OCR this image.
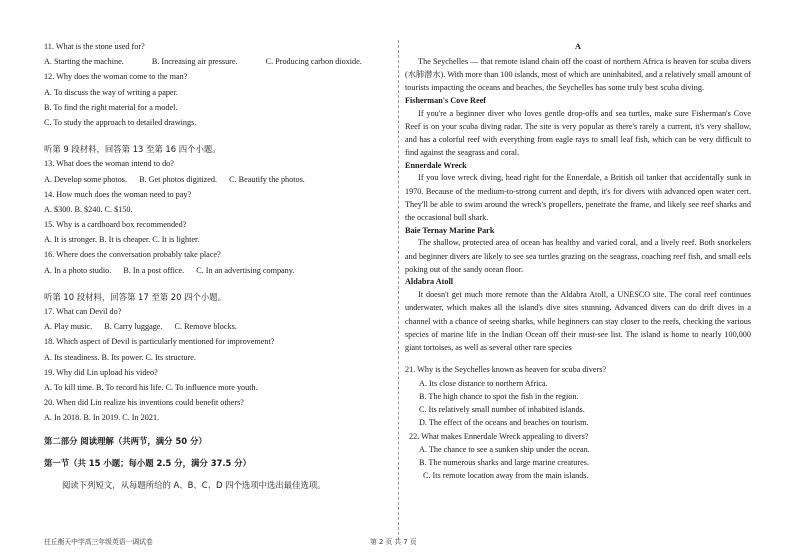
11. What is the stone used for?
A. Starting the machine.	B. Increasing air pressure.	C. Producing carbon dioxide.
12. Why does the woman come to the man?
A. To discuss the way of writing a paper.
B. To find the right material for a model.
C. To study the approach to detailed drawings.
听第 9 段材料，回答第 13 至第 16 四个小题。
13. What does the woman intend to do?
A. Develop some photos. B. Get photos digitized. C. Beautify the photos.
14. How much does the woman need to pay?
A. $300. B. $240. C. $150.
15. Why is a cardboard box recommended?
A. It is stronger. B. It is cheaper. C. It is lighter.
16. Where does the conversation probably take place?
A. In a photo studio. B. In a post office. C. In an advertising company.
听第 10 段材料，回答第 17 至第 20 四个小题。
17. What can Devil do?
A. Play music. B. Carry luggage. C. Remove blocks.
18. Which aspect of Devil is particularly mentioned for improvement?
A. Its steadiness. B. Its power. C. Its structure.
19. Why did Lin upload his video?
A. To kill time. B. To record his life. C. To influence more youth.
20. When did Lin realize his inventions could benefit others?
A. In 2018. B. In 2019. C. In 2021.
第二部分 阅读理解（共两节，满分 50 分）
第一节（共 15 小题；每小题 2.5 分，满分 37.5 分）
阅读下列短文，从每题所给的 A、B、C、D 四个选项中选出最佳选项。
A

The Seychelles — that remote island chain off the coast of northern Africa is heaven for scuba divers (水肺潜水). With more than 100 islands, most of which are uninhabited, and a relatively small amount of tourists impacting the oceans and beaches, the Seychelles has some truly best scuba diving.

Fisherman's Cove Reef

If you're a beginner diver who loves gentle drop-offs and sea turtles, make sure Fisherman's Cove Reef is on your scuba diving radar. The site is very popular as there's rarely a current, it's very shallow, and has a colorful reef with everything from eagle rays to small leaf fish, which can be very difficult to find against the seagrass and coral.

Ennerdale Wreck

If you love wreck diving, head right for the Ennerdale, a British oil tanker that accidentally sunk in 1970. Because of the medium-to-strong current and depth, it's for divers with advanced open water cert. They'll be able to swim around the wreck's propellers, penetrate the frame, and likely see reef sharks and the occasional bull shark.

Baie Ternay Marine Park

The shallow, protected area of ocean has healthy and varied coral, and a lively reef. Both snorkelers and beginner divers are likely to see sea turtles grazing on the seagrass, coaching reef fish, and small eels poking out of the sandy ocean floor.

Aldabra Atoll

It doesn't get much more remote than the Aldabra Atoll, a UNESCO site. The coral reef continues underwater, which makes all the island's dive sites stunning. Advanced divers can do drift dives in a channel with a chance of seeing sharks, while beginners can stay closer to the reefs, checking the various species of marine life in the Indian Ocean off their must-see list. The island is home to nearly 100,000 giant tortoises, as well as several other rare species

21. Why is the Seychelles known as heaven for scuba divers?

A. Its close distance to northern Africa.

B. The high chance to spot the fish in the region.

C. Its relatively small number of inhabited islands.

D. The effect of the oceans and beaches on tourism.

22. What makes Ennerdale Wreck appealing to divers?

A. The chance to see a sunken ship under the ocean.

B. The numerous sharks and large marine creatures.

C. Its remote location away from the main islands.

任丘衡天中学高三年级英语一调试卷	第 2 页 共 7 页
